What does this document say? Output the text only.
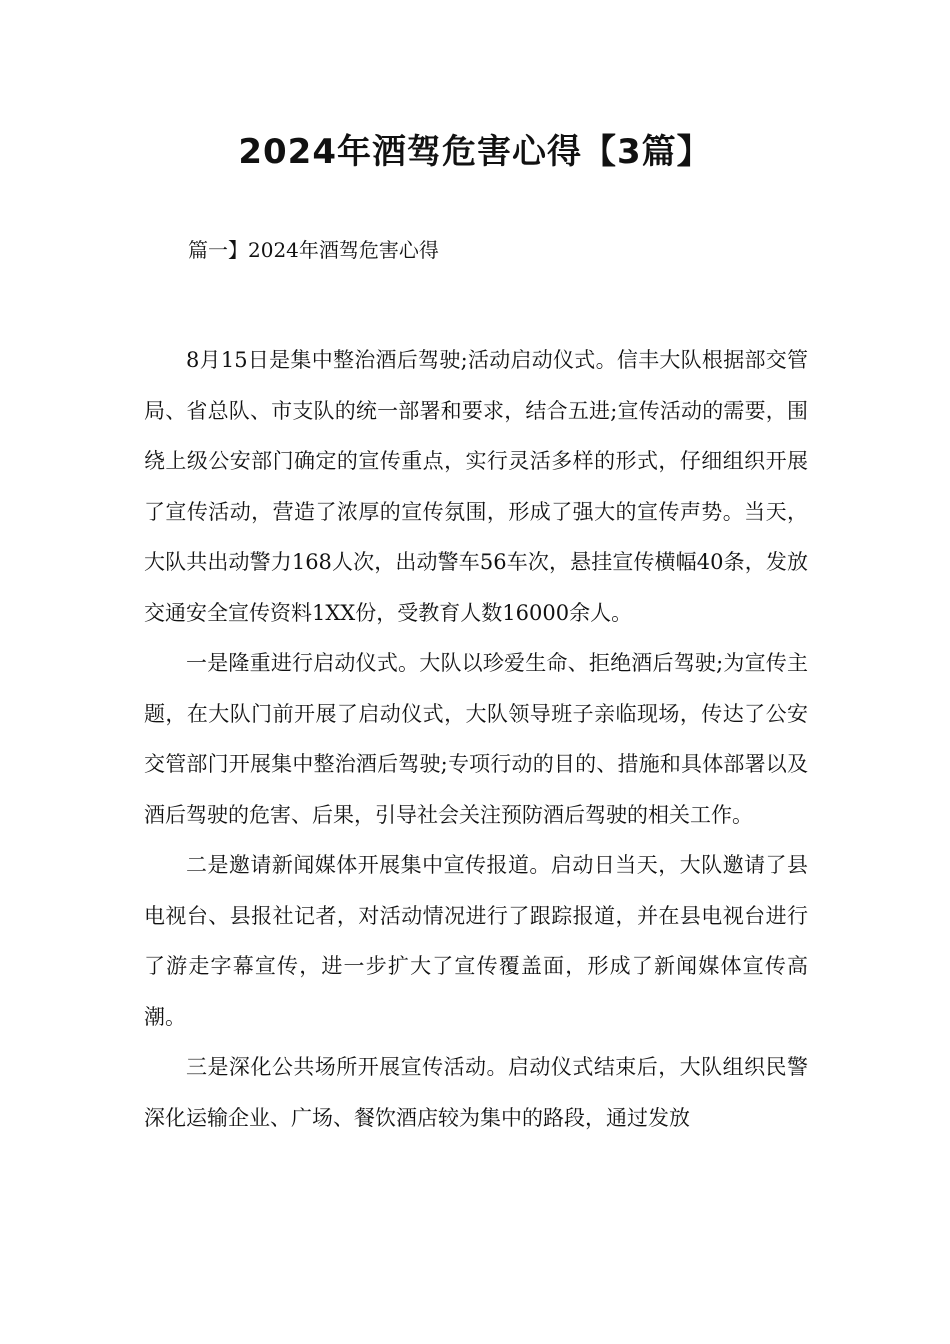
2024年酒驾危害心得【3篇】

篇一】2024年酒驾危害心得

8月15日是集中整治酒后驾驶;活动启动仪式。信丰大队根据部交管局、省总队、市支队的统一部署和要求，结合五进;宣传活动的需要，围绕上级公安部门确定的宣传重点，实行灵活多样的形式，仔细组织开展了宣传活动，营造了浓厚的宣传氛围，形成了强大的宣传声势。当天，大队共出动警力168人次，出动警车56车次，悬挂宣传横幅40条，发放交通安全宣传资料1XX份，受教育人数16000余人。

一是隆重进行启动仪式。大队以珍爱生命、拒绝酒后驾驶;为宣传主题，在大队门前开展了启动仪式，大队领导班子亲临现场，传达了公安交管部门开展集中整治酒后驾驶;专项行动的目的、措施和具体部署以及酒后驾驶的危害、后果，引导社会关注预防酒后驾驶的相关工作。

二是邀请新闻媒体开展集中宣传报道。启动日当天，大队邀请了县电视台、县报社记者，对活动情况进行了跟踪报道，并在县电视台进行了游走字幕宣传，进一步扩大了宣传覆盖面，形成了新闻媒体宣传高潮。

三是深化公共场所开展宣传活动。启动仪式结束后，大队组织民警深化运输企业、广场、餐饮酒店较为集中的路段，通过发放
